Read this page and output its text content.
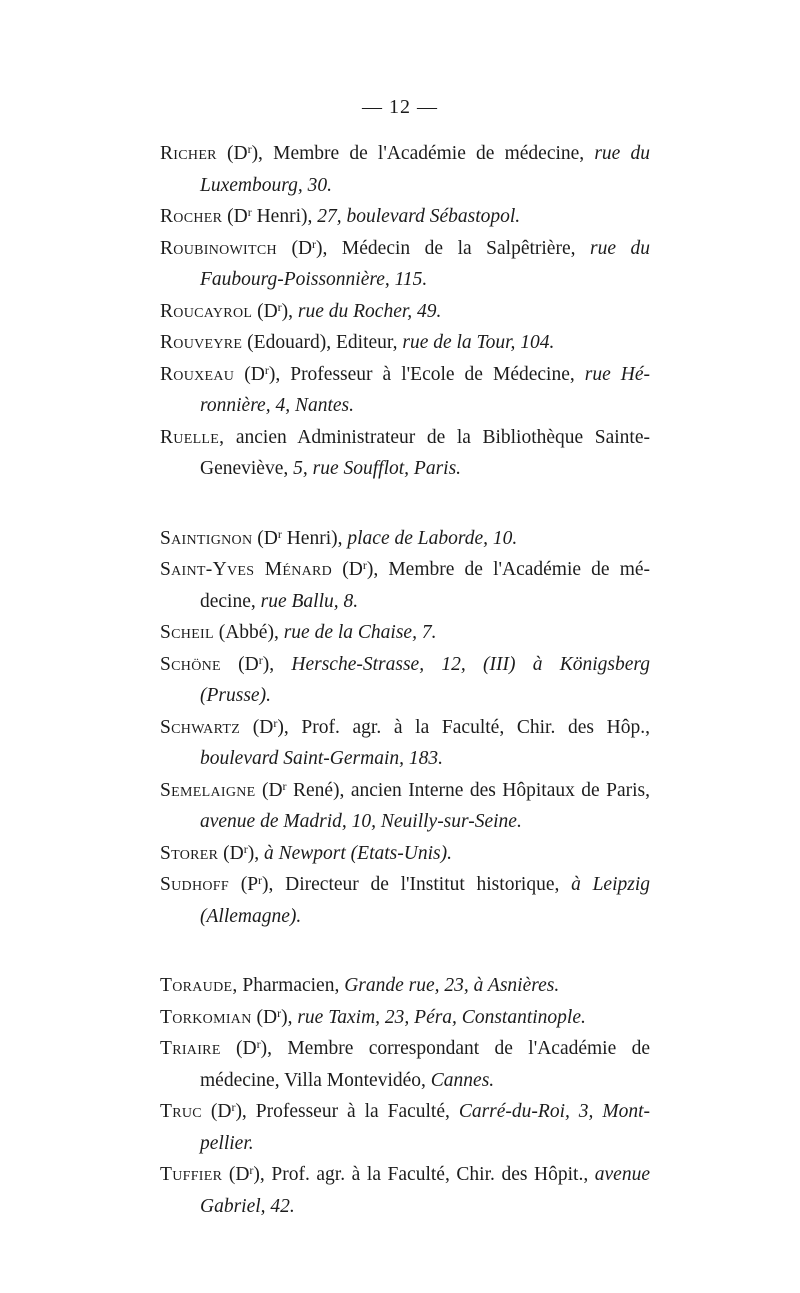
— 12 —

Richer $(D^r)$, Membre de l'Académie de médecine, rue du Luxembourg, 30.

Rocher ($D^r$ Henri), 27, boulevard Sébastopol.

Roubinowitch $(D^r)$, Médecin de la Salpêtrière, rue du Faubourg-Poissonnière, 115.

Roucayrol $(D^r)$, rue du Rocher, 49.

Rouveyre (Edouard), Editeur, rue de la Tour, 104.

Rouxeau $(D^r)$, Professeur à l'Ecole de Médecine, rue Hé-ronnière, 4, Nantes.

Ruelle, ancien Administrateur de la Bibliothèque Sainte-Geneviève, 5, rue Soufflot, Paris.

Saintignon ($D^r$ Henri), place de Laborde, 10.

Saint-Yves Ménard $(D^r)$, Membre de l'Académie de mé-decine, rue Ballu, 8.

Scheil (Abbé), rue de la Chaise, 7.

Schöne $(D^r)$, Hersche-Strasse, 12, (III) à Königsberg (Prusse).

Schwartz $(D^r)$, Prof. agr. à la Faculté, Chir. des Hôp., boulevard Saint-Germain, 183.

Semelaigne ($D^r$ René), ancien Interne des Hôpitaux de Paris, avenue de Madrid, 10, Neuilly-sur-Seine.

Storer $(D^r)$, à Newport (Etats-Unis).

Sudhoff $(P^r)$, Directeur de l'Institut historique, à Leipzig (Allemagne).

Toraude, Pharmacien, Grande rue, 23, à Asnières.

Torkomian $(D^r)$, rue Taxim, 23, Péra, Constantinople.

Triaire $(D^r)$, Membre correspondant de l'Académie de médecine, Villa Montevidéo, Cannes.

Truc $(D^r)$, Professeur à la Faculté, Carré-du-Roi, 3, Mont-pellier.

Tuffier $(D^r)$, Prof. agr. à la Faculté, Chir. des Hôpit., avenue Gabriel, 42.
